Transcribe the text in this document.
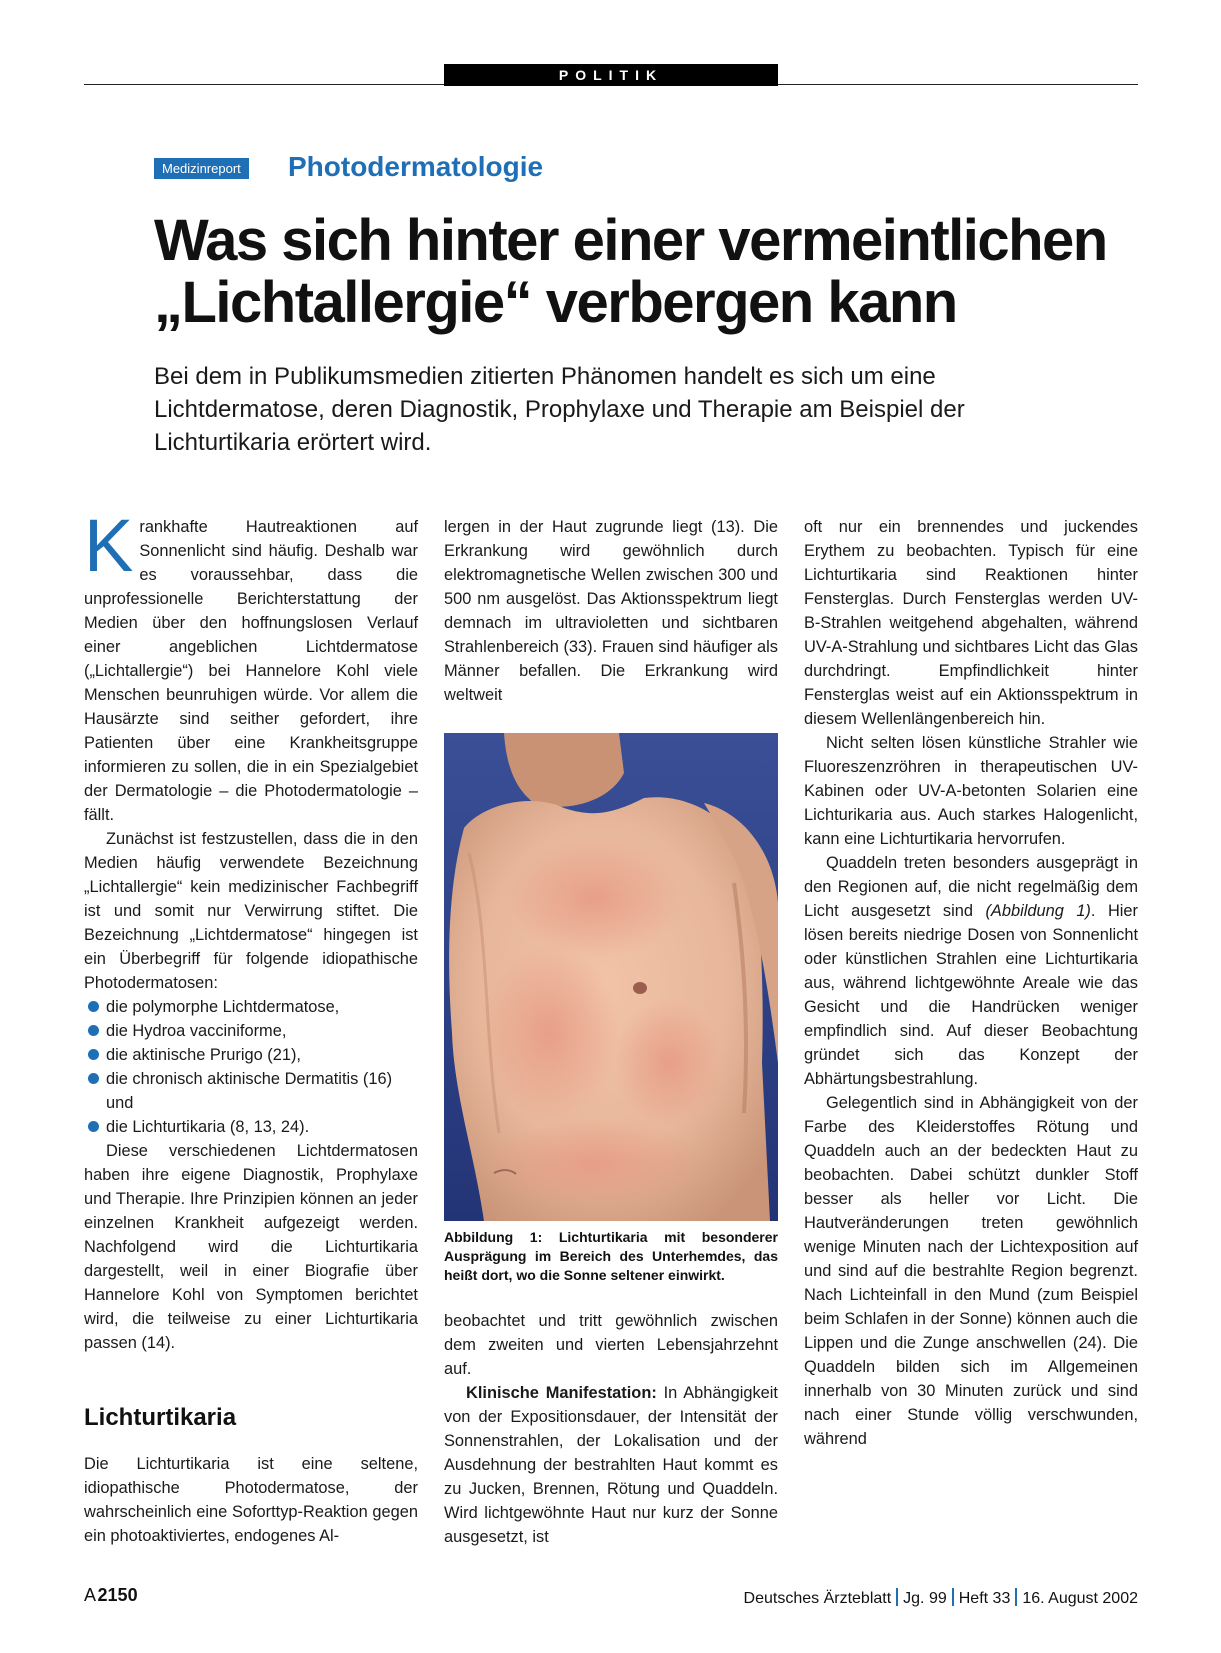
POLITIK
Medizinreport Photodermatologie
Was sich hinter einer vermeintlichen
„Lichtallergie“ verbergen kann

Bei dem in Publikumsmedien zitierten Phänomen handelt es sich um eine Lichtdermatose, deren Diagnostik, Prophylaxe und Therapie am Beispiel der Lichturtikaria erörtert wird.

Krankhafte Hautreaktionen auf Sonnenlicht sind häufig. Deshalb war es voraussehbar, dass die unprofessionelle Berichterstattung der Medien über den hoffnungslosen Verlauf einer angeblichen Lichtdermatose („Lichtallergie“) bei Hannelore Kohl viele Menschen beunruhigen würde. Vor allem die Hausärzte sind seither gefordert, ihre Patienten über eine Krankheitsgruppe informieren zu sollen, die in ein Spezialgebiet der Dermatologie – die Photodermatologie – fällt.

Zunächst ist festzustellen, dass die in den Medien häufig verwendete Bezeichnung „Lichtallergie“ kein medizinischer Fachbegriff ist und somit nur Verwirrung stiftet. Die Bezeichnung „Lichtdermatose“ hingegen ist ein Überbegriff für folgende idiopathische Photodermatosen:

die polymorphe Lichtdermatose,
die Hydroa vacciniforme,
die aktinische Prurigo (21),
die chronisch aktinische Dermatitis (16) und
die Lichturtikaria (8, 13, 24).

Diese verschiedenen Lichtdermatosen haben ihre eigene Diagnostik, Prophylaxe und Therapie. Ihre Prinzipien können an jeder einzelnen Krankheit aufgezeigt werden. Nachfolgend wird die Lichturtikaria dargestellt, weil in einer Biografie über Hannelore Kohl von Symptomen berichtet wird, die teilweise zu einer Lichturtikaria passen (14).

Lichturtikaria

Die Lichturtikaria ist eine seltene, idiopathische Photodermatose, der wahrscheinlich eine Soforttyp-Reaktion gegen ein photoaktiviertes, endogenes Al-

lergen in der Haut zugrunde liegt (13). Die Erkrankung wird gewöhnlich durch elektromagnetische Wellen zwischen 300 und 500 nm ausgelöst. Das Aktionsspektrum liegt demnach im ultravioletten und sichtbaren Strahlenbereich (33). Frauen sind häufiger als Männer befallen. Die Erkrankung wird weltweit

Abbildung 1: Lichturtikaria mit besonderer Ausprägung im Bereich des Unterhemdes, das heißt dort, wo die Sonne seltener einwirkt.

beobachtet und tritt gewöhnlich zwischen dem zweiten und vierten Lebensjahrzehnt auf.

Klinische Manifestation: In Abhängigkeit von der Expositionsdauer, der Intensität der Sonnenstrahlen, der Lokalisation und der Ausdehnung der bestrahlten Haut kommt es zu Jucken, Brennen, Rötung und Quaddeln. Wird lichtgewöhnte Haut nur kurz der Sonne ausgesetzt, ist

oft nur ein brennendes und juckendes Erythem zu beobachten. Typisch für eine Lichturtikaria sind Reaktionen hinter Fensterglas. Durch Fensterglas werden UV-B-Strahlen weitgehend abgehalten, während UV-A-Strahlung und sichtbares Licht das Glas durchdringt. Empfindlichkeit hinter Fensterglas weist auf ein Aktionsspektrum in diesem Wellenlängenbereich hin.

Nicht selten lösen künstliche Strahler wie Fluoreszenzröhren in therapeutischen UV-Kabinen oder UV-A-betonten Solarien eine Lichturikaria aus. Auch starkes Halogenlicht, kann eine Lichturtikaria hervorrufen.

Quaddeln treten besonders ausgeprägt in den Regionen auf, die nicht regelmäßig dem Licht ausgesetzt sind (Abbildung 1). Hier lösen bereits niedrige Dosen von Sonnenlicht oder künstlichen Strahlen eine Lichturtikaria aus, während lichtgewöhnte Areale wie das Gesicht und die Handrücken weniger empfindlich sind. Auf dieser Beobachtung gründet sich das Konzept der Abhärtungsbestrahlung.

Gelegentlich sind in Abhängigkeit von der Farbe des Kleiderstoffes Rötung und Quaddeln auch an der bedeckten Haut zu beobachten. Dabei schützt dunkler Stoff besser als heller vor Licht. Die Hautveränderungen treten gewöhnlich wenige Minuten nach der Lichtexposition auf und sind auf die bestrahlte Region begrenzt. Nach Lichteinfall in den Mund (zum Beispiel beim Schlafen in der Sonne) können auch die Lippen und die Zunge anschwellen (24). Die Quaddeln bilden sich im Allgemeinen innerhalb von 30 Minuten zurück und sind nach einer Stunde völlig verschwunden, während

A 2150	Deutsches Ärzteblatt Jg. 99 Heft 33 16. August 2002
